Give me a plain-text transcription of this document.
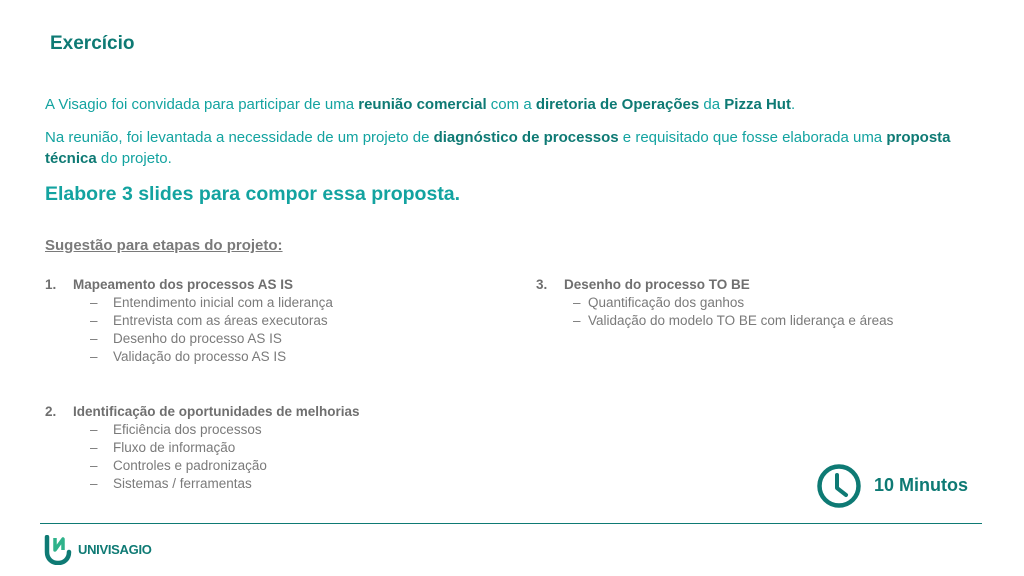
Exercício
A Visagio foi convidada para participar de uma reunião comercial com a diretoria de Operações da Pizza Hut.
Na reunião, foi levantada a necessidade de um projeto de diagnóstico de processos e requisitado que fosse elaborada uma proposta técnica do projeto.
Elabore 3 slides para compor essa proposta.
Sugestão para etapas do projeto:
1. Mapeamento dos processos AS IS
– Entendimento inicial com a liderança
– Entrevista com as áreas executoras
– Desenho do processo AS IS
– Validação do processo AS IS
2. Identificação de oportunidades de melhorias
– Eficiência dos processos
– Fluxo de informação
– Controles e padronização
– Sistemas / ferramentas
3. Desenho do processo TO BE
– Quantificação dos ganhos
– Validação do modelo TO BE com liderança e áreas
10 Minutos
UNIVISAGIO
